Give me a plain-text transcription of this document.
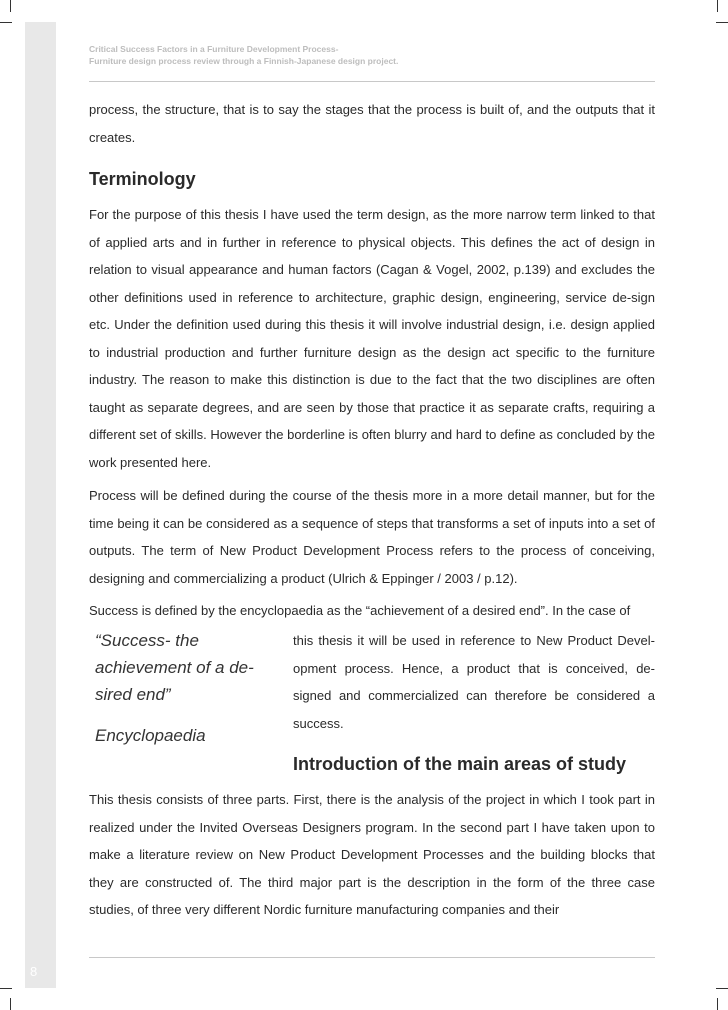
8
Critical Success Factors in a Furniture Development Process-
Furniture design process review through a Finnish-Japanese design project.

process, the structure, that is to say the stages that the process is built of, and the outputs that it creates.

Terminology

For the purpose of this thesis I have used the term design, as the more narrow term linked to that of applied arts and in further in reference to physical objects. This defines the act of design in relation to visual appearance and human factors (Cagan & Vogel, 2002, p.139) and excludes the other definitions used in reference to architecture, graphic design, engineering, service de-sign etc. Under the definition used during this thesis it will involve industrial design, i.e. design applied to industrial production and further furniture design as the design act specific to the furniture industry. The reason to make this distinction is due to the fact that the two disciplines are often taught as separate degrees, and are seen by those that practice it as separate crafts, requiring a different set of skills. However the borderline is often blurry and hard to define as concluded by the work presented here.

Process will be defined during the course of the thesis more in a more detail manner, but for the time being it can be considered as a sequence of steps that transforms a set of inputs into a set of outputs. The term of New Product Development Process refers to the process of conceiving, designing and commercializing a product (Ulrich & Eppinger / 2003 / p.12).

Success is defined by the encyclopaedia as the “achievement of a desired end”. In the case of

“Success- the achievement of a de-sired end”
Encyclopaedia

this thesis it will be used in reference to New Product Devel-opment process. Hence, a product that is conceived, de-signed and commercialized can therefore be considered a success.

Introduction of the main areas of study

This thesis consists of three parts. First, there is the analysis of the project in which I took part in realized under the Invited Overseas Designers program. In the second part I have taken upon to make a literature review on New Product Development Processes and the building blocks that they are constructed of. The third major part is the description in the form of the three case studies, of three very different Nordic furniture manufacturing companies and their
